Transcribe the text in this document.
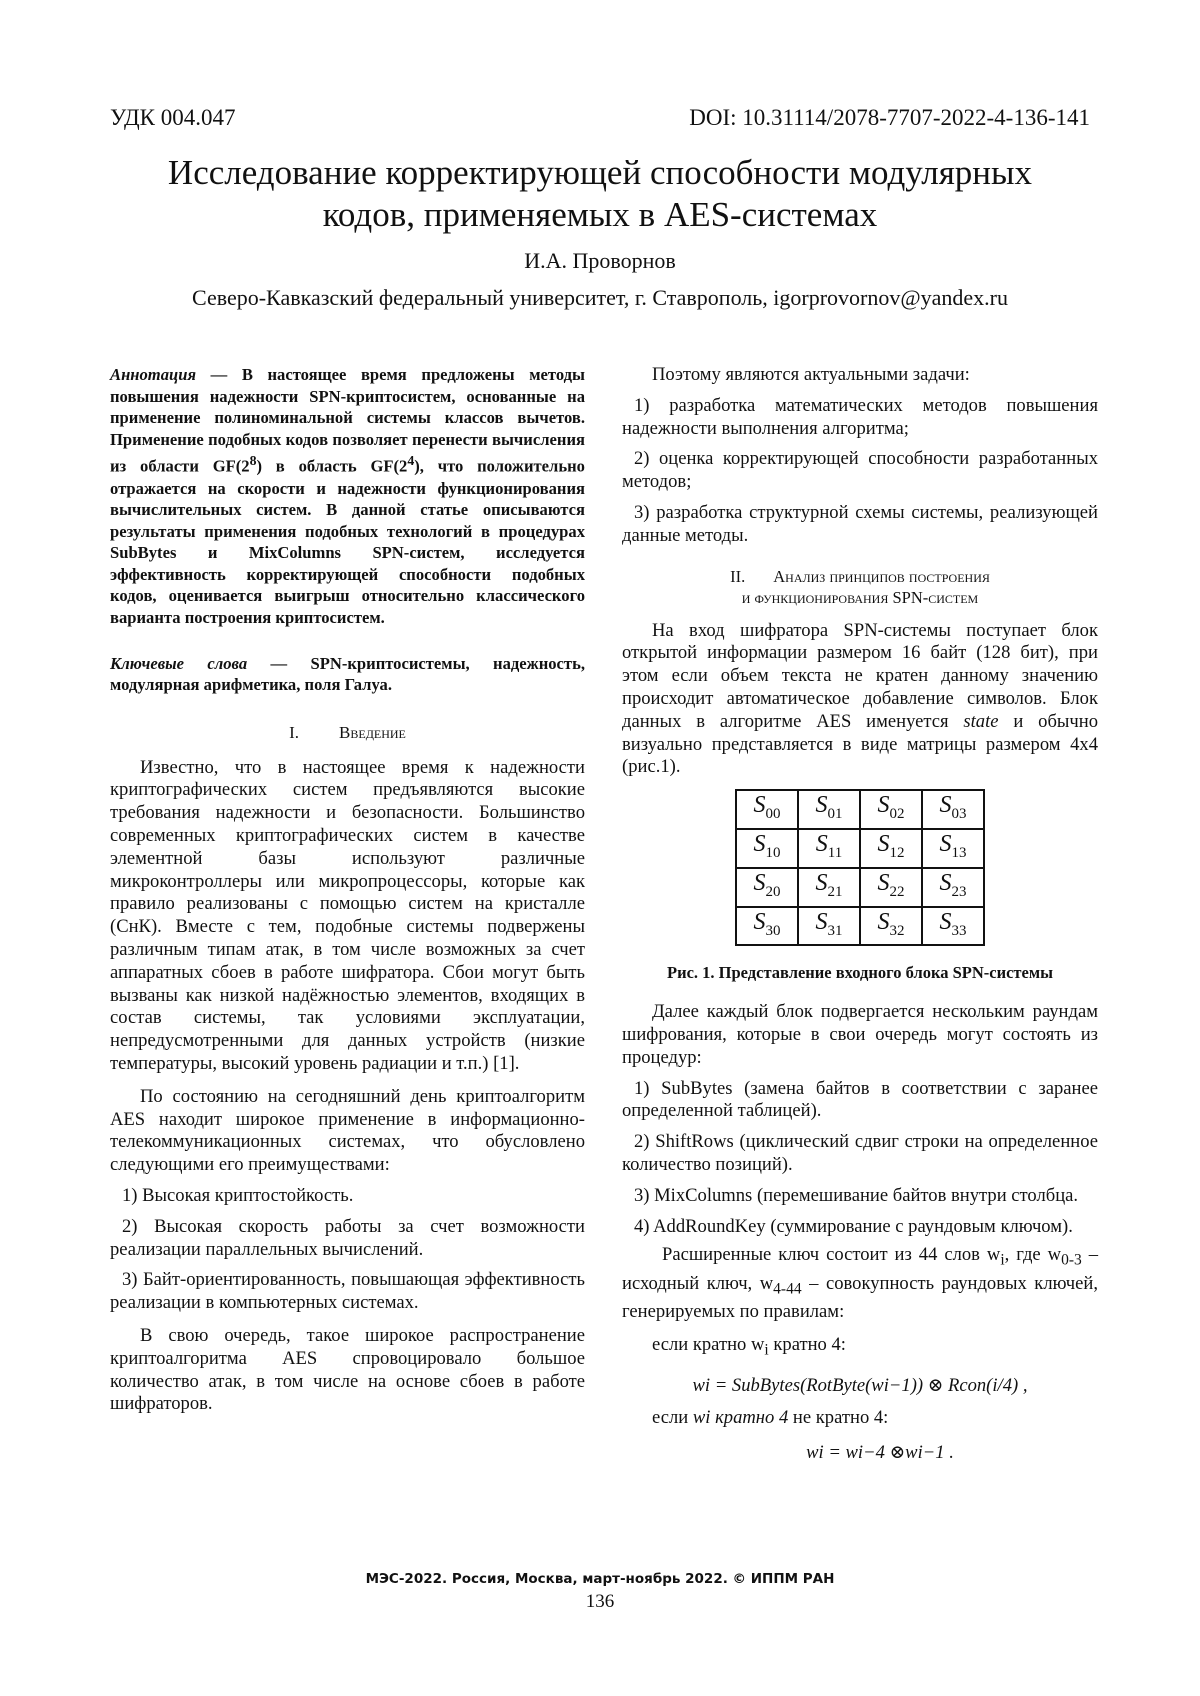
УДК 004.047	DOI: 10.31114/2078-7707-2022-4-136-141
Исследование корректирующей способности модулярных
кодов, применяемых в AES-системах
И.А. Проворнов
Северо-Кавказский федеральный университет, г. Ставрополь, igorprovornov@yandex.ru

Аннотация — В настоящее время предложены методы повышения надежности SPN-криптосистем, основанные на применение полиноминальной системы классов вычетов. Применение подобных кодов позволяет перенести вычисления из области $GF(2^8)$ в область $GF(2^4)$, что положительно отражается на скорости и надежности функционирования вычислительных систем. В данной статье описываются результаты применения подобных технологий в процедурах SubBytes и MixColumns SPN-систем, исследуется эффективность корректирующей способности подобных кодов, оценивается выигрыш относительно классического варианта построения криптосистем.

Ключевые слова — SPN-криптосистемы, надежность, модулярная арифметика, поля Галуа.

I. Введение

Известно, что в настоящее время к надежности криптографических систем предъявляются высокие требования надежности и безопасности. Большинство современных криптографических систем в качестве элементной базы используют различные микроконтроллеры или микропроцессоры, которые как правило реализованы с помощью систем на кристалле (СнК). Вместе с тем, подобные системы подвержены различным типам атак, в том числе возможных за счет аппаратных сбоев в работе шифратора. Сбои могут быть вызваны как низкой надёжностью элементов, входящих в состав системы, так условиями эксплуатации, непредусмотренными для данных устройств (низкие температуры, высокий уровень радиации и т.п.) [1].

По состоянию на сегодняшний день криптоалгоритм AES находит широкое применение в информационно-телекоммуникационных системах, что обусловлено следующими его преимуществами:

1) Высокая криптостойкость.

2) Высокая скорость работы за счет возможности реализации параллельных вычислений.

3) Байт-ориентированность, повышающая эффективность реализации в компьютерных системах.

В свою очередь, такое широкое распространение криптоалгоритма AES спровоцировало большое количество атак, в том числе на основе сбоев в работе шифраторов.

Поэтому являются актуальными задачи:

1) разработка математических методов повышения надежности выполнения алгоритма;

2) оценка корректирующей способности разработанных методов;

3) разработка структурной схемы системы, реализующей данные методы.

II. Анализ принципов построения
и функционирования SPN-систем

На вход шифратора SPN-системы поступает блок открытой информации размером 16 байт (128 бит), при этом если объем текста не кратен данному значению происходит автоматическое добавление символов. Блок данных в алгоритме AES именуется state и обычно визуально представляется в виде матрицы размером 4x4 (рис.1).

$S_{00}$	$S_{01}$	$S_{02}$	$S_{03}$
$S_{10}$	$S_{11}$	$S_{12}$	$S_{13}$
$S_{20}$	$S_{21}$	$S_{22}$	$S_{23}$
$S_{30}$	$S_{31}$	$S_{32}$	$S_{33}$

Рис. 1. Представление входного блока SPN-системы

Далее каждый блок подвергается нескольким раундам шифрования, которые в свои очередь могут состоять из процедур:

1) SubBytes (замена байтов в соответствии с заранее определенной таблицей).

2) ShiftRows (циклический сдвиг строки на определенное количество позиций).

3) MixColumns (перемешивание байтов внутри столбца.

4) AddRoundKey (суммирование с раундовым ключом).

Расширенные ключ состоит из 44 слов $w_i$, где $w_{0-3}$ – исходный ключ, $w_{4-44}$ – совокупность раундовых ключей, генерируемых по правилам:

если кратно $w_i$ кратно 4:

wi = SubBytes(RotByte(wi−1)) ⊗ Rcon(i/4) ,

если wi кратно 4 не кратно 4:

wi = wi−4 ⊗wi−1 .

МЭС-2022. Россия, Москва, март-ноябрь 2022. © ИППМ РАН
136
